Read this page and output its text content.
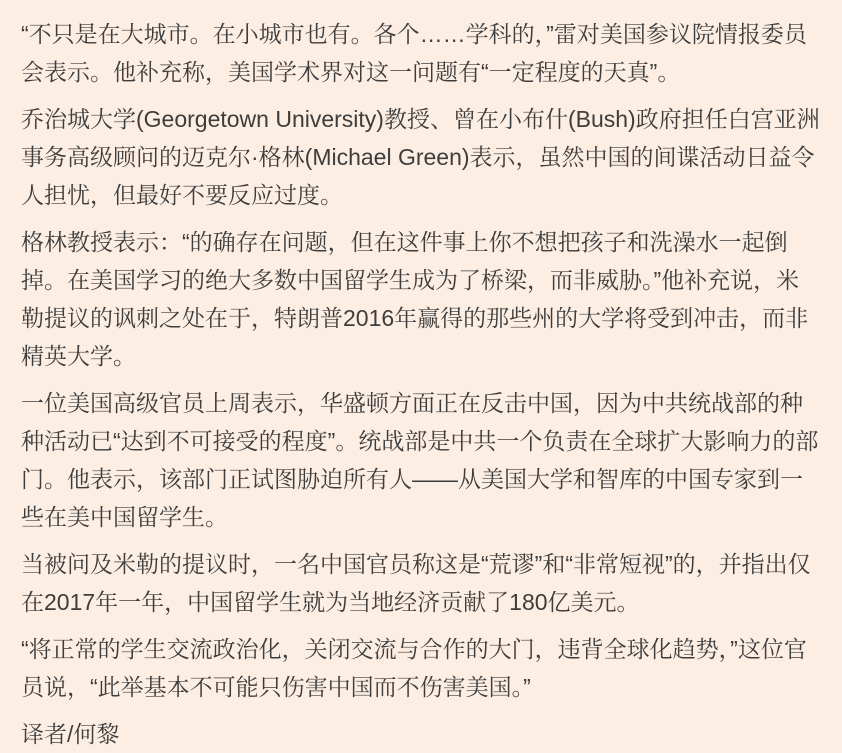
“不只是在大城市。在小城市也有。各个……学科的，”雷对美国参议院情报委员会表示。他补充称，美国学术界对这一问题有“一定程度的天真”。

乔治城大学(Georgetown University)教授、曾在小布什(Bush)政府担任白宫亚洲事务高级顾问的迈克尔·格林(Michael Green)表示，虽然中国的间谍活动日益令人担忧，但最好不要反应过度。

格林教授表示：“的确存在问题，但在这件事上你不想把孩子和洗澡水一起倒掉。在美国学习的绝大多数中国留学生成为了桥梁，而非威胁。”他补充说，米勒提议的讽刺之处在于，特朗普2016年赢得的那些州的大学将受到冲击，而非精英大学。

一位美国高级官员上周表示，华盛顿方面正在反击中国，因为中共统战部的种种活动已“达到不可接受的程度”。统战部是中共一个负责在全球扩大影响力的部门。他表示，该部门正试图胁迫所有人——从美国大学和智库的中国专家到一些在美中国留学生。

当被问及米勒的提议时，一名中国官员称这是“荒谬”和“非常短视”的，并指出仅在2017年一年，中国留学生就为当地经济贡献了180亿美元。

“将正常的学生交流政治化，关闭交流与合作的大门，违背全球化趋势，”这位官员说，“此举基本不可能只伤害中国而不伤害美国。”

译者/何黎
